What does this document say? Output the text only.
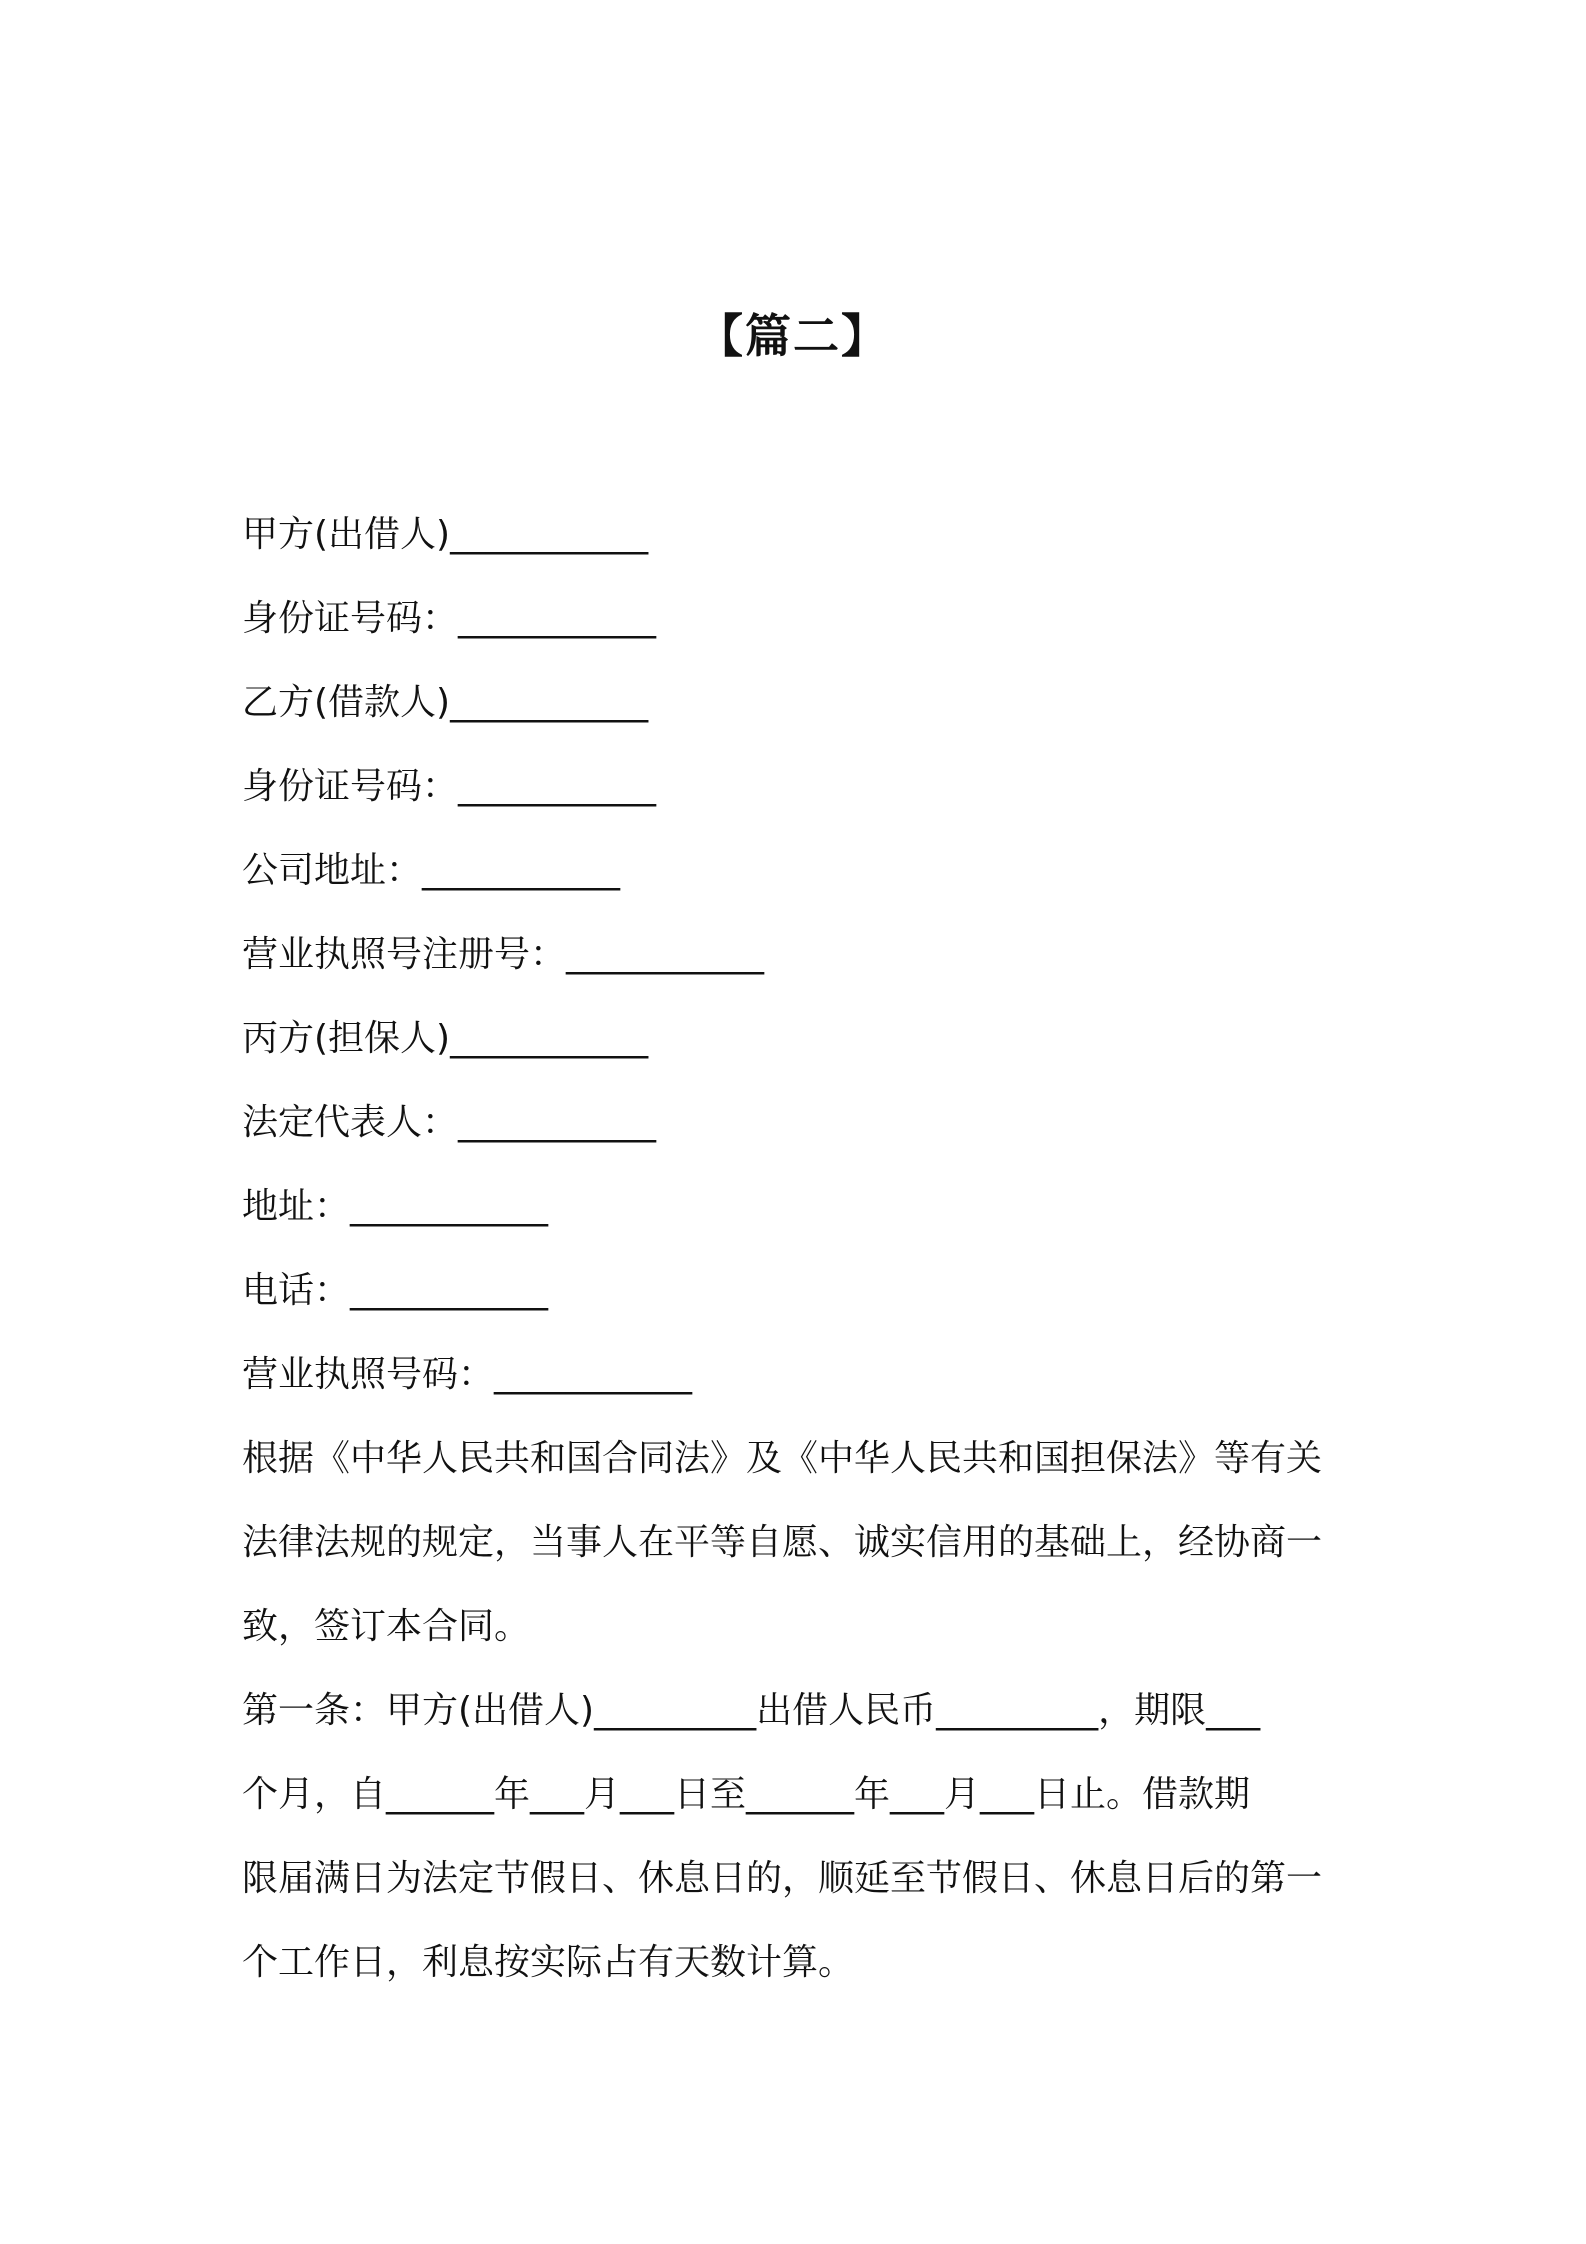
【篇二】

甲方(出借人)___________

身份证号码：___________

乙方(借款人)___________

身份证号码：___________

公司地址：___________

营业执照号注册号：___________

丙方(担保人)___________

法定代表人：___________

地址：___________

电话：___________

营业执照号码：___________

根据《中华人民共和国合同法》及《中华人民共和国担保法》等有关

法律法规的规定，当事人在平等自愿、诚实信用的基础上，经协商一

致，签订本合同。

第一条：甲方(出借人)_________出借人民币_________，期限___

个月，自______年___月___日至______年___月___日止。借款期

限届满日为法定节假日、休息日的，顺延至节假日、休息日后的第一

个工作日，利息按实际占有天数计算。
